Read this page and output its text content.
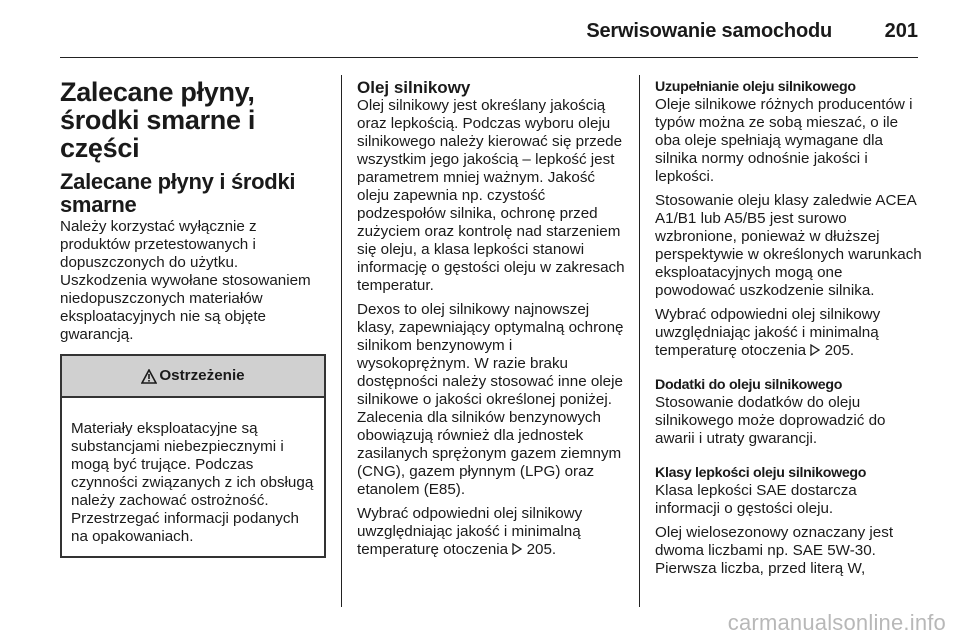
Serwisowanie samochodu	201
Zalecane płyny, środki smarne i części
Zalecane płyny i środki smarne

Należy korzystać wyłącznie z produktów przetestowanych i dopuszczonych do użytku. Uszkodzenia wywołane stosowaniem niedopuszczonych materiałów eksploatacyjnych nie są objęte gwarancją.

Ostrzeżenie
Materiały eksploatacyjne są substancjami niebezpiecznymi i mogą być trujące. Podczas czynności związanych z ich obsługą należy zachować ostrożność. Przestrzegać informacji podanych na opakowaniach.
Olej silnikowy

Olej silnikowy jest określany jakością oraz lepkością. Podczas wyboru oleju silnikowego należy kierować się przede wszystkim jego jakością – lepkość jest parametrem mniej ważnym. Jakość oleju zapewnia np. czystość podzespołów silnika, ochronę przed zużyciem oraz kontrolę nad starzeniem się oleju, a klasa lepkości stanowi informację o gęstości oleju w zakresach temperatur.

Dexos to olej silnikowy najnowszej klasy, zapewniający optymalną ochronę silnikom benzynowym i wysokoprężnym. W razie braku dostępności należy stosować inne oleje silnikowe o jakości określonej poniżej. Zalecenia dla silników benzynowych obowiązują również dla jednostek zasilanych sprężonym gazem ziemnym (CNG), gazem płynnym (LPG) oraz etanolem (E85).

Wybrać odpowiedni olej silnikowy uwzględniając jakość i minimalną temperaturę otoczenia 205.

Uzupełnianie oleju silnikowego

Oleje silnikowe różnych producentów i typów można ze sobą mieszać, o ile oba oleje spełniają wymagane dla silnika normy odnośnie jakości i lepkości.

Stosowanie oleju klasy zaledwie ACEA A1/B1 lub A5/B5 jest surowo wzbronione, ponieważ w dłuższej perspektywie w określonych warunkach eksploatacyjnych mogą one powodować uszkodzenie silnika.

Wybrać odpowiedni olej silnikowy uwzględniając jakość i minimalną temperaturę otoczenia 205.

Dodatki do oleju silnikowego

Stosowanie dodatków do oleju silnikowego może doprowadzić do awarii i utraty gwarancji.

Klasy lepkości oleju silnikowego

Klasa lepkości SAE dostarcza informacji o gęstości oleju.

Olej wielosezonowy oznaczany jest dwoma liczbami np. SAE 5W-30. Pierwsza liczba, przed literą W,

carmanualsonline.info
